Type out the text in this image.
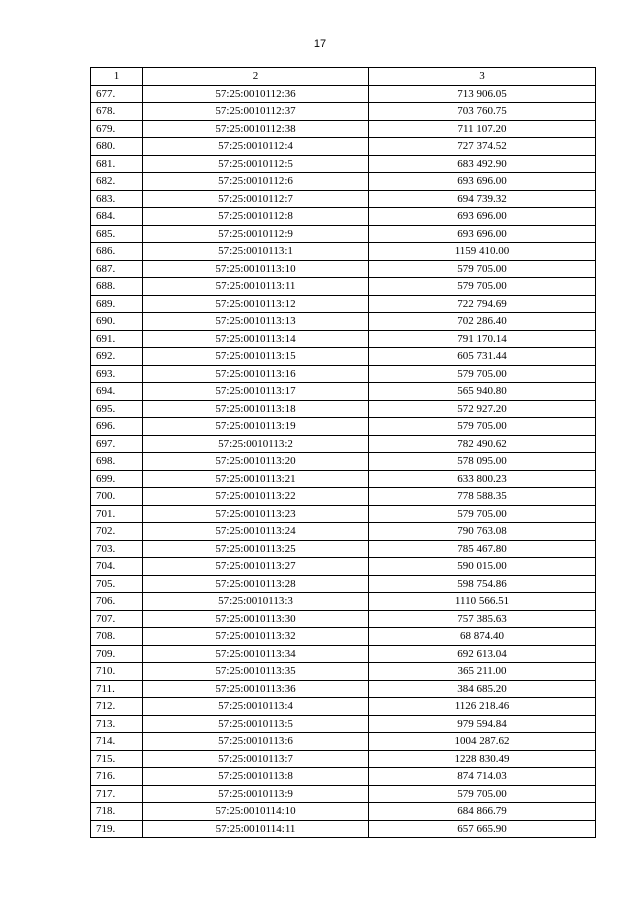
17
1	2	3
677.	57:25:0010112:36	713 906.05
678.	57:25:0010112:37	703 760.75
679.	57:25:0010112:38	711 107.20
680.	57:25:0010112:4	727 374.52
681.	57:25:0010112:5	683 492.90
682.	57:25:0010112:6	693 696.00
683.	57:25:0010112:7	694 739.32
684.	57:25:0010112:8	693 696.00
685.	57:25:0010112:9	693 696.00
686.	57:25:0010113:1	1159 410.00
687.	57:25:0010113:10	579 705.00
688.	57:25:0010113:11	579 705.00
689.	57:25:0010113:12	722 794.69
690.	57:25:0010113:13	702 286.40
691.	57:25:0010113:14	791 170.14
692.	57:25:0010113:15	605 731.44
693.	57:25:0010113:16	579 705.00
694.	57:25:0010113:17	565 940.80
695.	57:25:0010113:18	572 927.20
696.	57:25:0010113:19	579 705.00
697.	57:25:0010113:2	782 490.62
698.	57:25:0010113:20	578 095.00
699.	57:25:0010113:21	633 800.23
700.	57:25:0010113:22	778 588.35
701.	57:25:0010113:23	579 705.00
702.	57:25:0010113:24	790 763.08
703.	57:25:0010113:25	785 467.80
704.	57:25:0010113:27	590 015.00
705.	57:25:0010113:28	598 754.86
706.	57:25:0010113:3	1110 566.51
707.	57:25:0010113:30	757 385.63
708.	57:25:0010113:32	68 874.40
709.	57:25:0010113:34	692 613.04
710.	57:25:0010113:35	365 211.00
711.	57:25:0010113:36	384 685.20
712.	57:25:0010113:4	1126 218.46
713.	57:25:0010113:5	979 594.84
714.	57:25:0010113:6	1004 287.62
715.	57:25:0010113:7	1228 830.49
716.	57:25:0010113:8	874 714.03
717.	57:25:0010113:9	579 705.00
718.	57:25:0010114:10	684 866.79
719.	57:25:0010114:11	657 665.90
